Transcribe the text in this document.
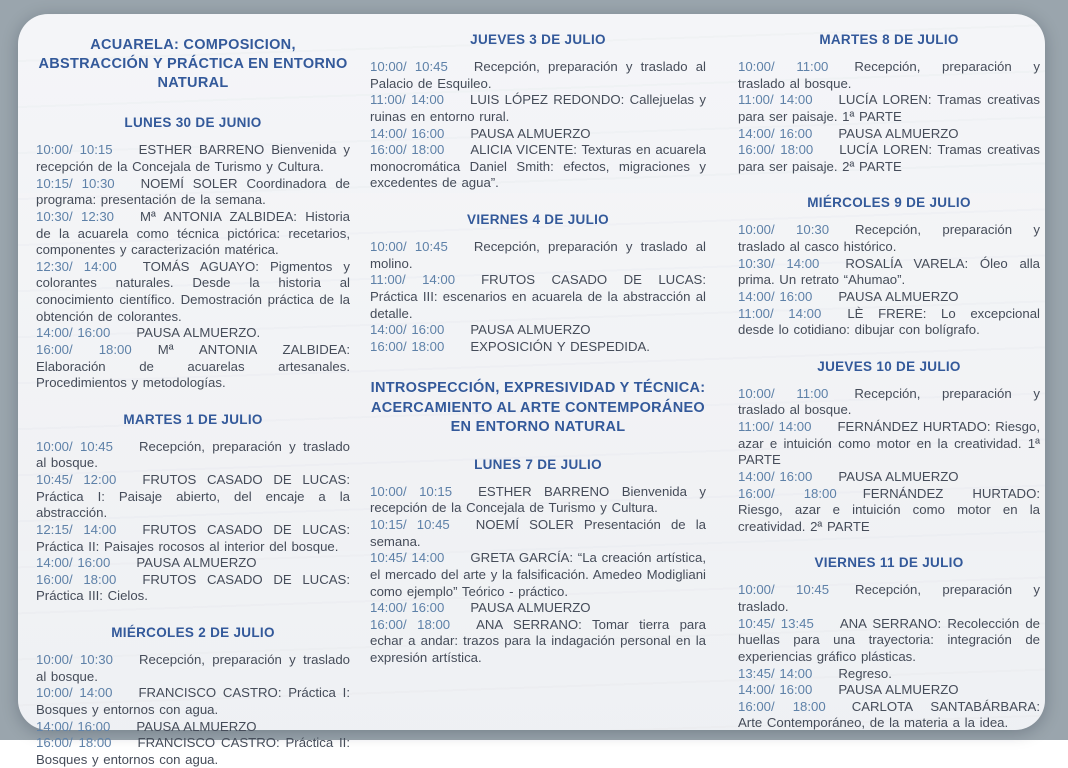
ACUARELA: COMPOSICION, ABSTRACCIÓN Y PRÁCTICA EN ENTORNO NATURAL
LUNES 30 DE JUNIO

10:00/ 10:15 ESTHER BARRENO Bienvenida y recepción de la Concejala de Turismo y Cultura.

10:15/ 10:30 NOEMÍ SOLER Coordinadora de programa: presentación de la semana.

10:30/ 12:30 Mª ANTONIA ZALBIDEA: Historia de la acuarela como técnica pictórica: recetarios, componentes y caracterización matérica.

12:30/ 14:00 TOMÁS AGUAYO: Pigmentos y colorantes naturales. Desde la historia al conocimiento científico. Demostración práctica de la obtención de colorantes.

14:00/ 16:00 PAUSA ALMUERZO.

16:00/ 18:00 Mª ANTONIA ZALBIDEA: Elaboración de acuarelas artesanales. Procedimientos y metodologías.

MARTES 1 DE JULIO

10:00/ 10:45 Recepción, preparación y traslado al bosque.

10:45/ 12:00 FRUTOS CASADO DE LUCAS: Práctica I: Paisaje abierto, del encaje a la abstracción.

12:15/ 14:00 FRUTOS CASADO DE LUCAS: Práctica II: Paisajes rocosos al interior del bosque.

14:00/ 16:00 PAUSA ALMUERZO

16:00/ 18:00 FRUTOS CASADO DE LUCAS: Práctica III: Cielos.

MIÉRCOLES 2 DE JULIO

10:00/ 10:30 Recepción, preparación y traslado al bosque.

10:00/ 14:00 FRANCISCO CASTRO: Práctica I: Bosques y entornos con agua.

14:00/ 16:00 PAUSA ALMUERZO

16:00/ 18:00 FRANCISCO CASTRO: Práctica II: Bosques y entornos con agua.

JUEVES 3 DE JULIO

10:00/ 10:45 Recepción, preparación y traslado al Palacio de Esquileo.

11:00/ 14:00 LUIS LÓPEZ REDONDO: Callejuelas y ruinas en entorno rural.

14:00/ 16:00 PAUSA ALMUERZO

16:00/ 18:00 ALICIA VICENTE: Texturas en acuarela monocromática Daniel Smith: efectos, migraciones y excedentes de agua”.

VIERNES 4 DE JULIO

10:00/ 10:45 Recepción, preparación y traslado al molino.

11:00/ 14:00 FRUTOS CASADO DE LUCAS: Práctica III: escenarios en acuarela de la abstracción al detalle.

14:00/ 16:00 PAUSA ALMUERZO

16:00/ 18:00 EXPOSICIÓN Y DESPEDIDA.

INTROSPECCIÓN, EXPRESIVIDAD Y TÉCNICA: ACERCAMIENTO AL ARTE CONTEMPORÁNEO EN ENTORNO NATURAL
LUNES 7 DE JULIO

10:00/ 10:15 ESTHER BARRENO Bienvenida y recepción de la Concejala de Turismo y Cultura.

10:15/ 10:45 NOEMÍ SOLER Presentación de la semana.

10:45/ 14:00 GRETA GARCÍA: “La creación artística, el mercado del arte y la falsificación. Amedeo Modigliani como ejemplo” Teórico - práctico.

14:00/ 16:00 PAUSA ALMUERZO

16:00/ 18:00 ANA SERRANO: Tomar tierra para echar a andar: trazos para la indagación personal en la expresión artística.

MARTES 8 DE JULIO

10:00/ 11:00 Recepción, preparación y traslado al bosque.

11:00/ 14:00 LUCÍA LOREN: Tramas creativas para ser paisaje. 1ª PARTE

14:00/ 16:00 PAUSA ALMUERZO

16:00/ 18:00 LUCÍA LOREN: Tramas creativas para ser paisaje. 2ª PARTE

MIÉRCOLES 9 DE JULIO

10:00/ 10:30 Recepción, preparación y traslado al casco histórico.

10:30/ 14:00 ROSALÍA VARELA: Óleo alla prima. Un retrato “Ahumao”.

14:00/ 16:00 PAUSA ALMUERZO

11:00/ 14:00 LÈ FRERE: Lo excepcional desde lo cotidiano: dibujar con bolígrafo.

JUEVES 10 DE JULIO

10:00/ 11:00 Recepción, preparación y traslado al bosque.

11:00/ 14:00 FERNÁNDEZ HURTADO: Riesgo, azar e intuición como motor en la creatividad. 1ª PARTE

14:00/ 16:00 PAUSA ALMUERZO

16:00/ 18:00 FERNÁNDEZ HURTADO: Riesgo, azar e intuición como motor en la creatividad. 2ª PARTE

VIERNES 11 DE JULIO

10:00/ 10:45 Recepción, preparación y traslado.

10:45/ 13:45 ANA SERRANO: Recolección de huellas para una trayectoria: integración de experiencias gráfico plásticas.

13:45/ 14:00 Regreso.

14:00/ 16:00 PAUSA ALMUERZO

16:00/ 18:00 CARLOTA SANTABÁRBARA: Arte Contemporáneo, de la materia a la idea.
